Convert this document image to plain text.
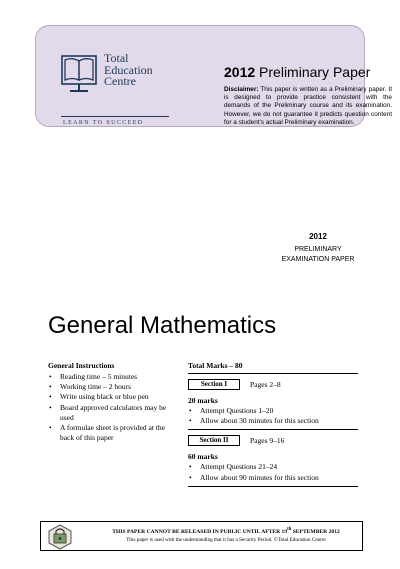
Total
Education
Centre
LEARN TO SUCCEED
2012 Preliminary Paper
Disclaimer: This paper is written as a Preliminary paper. It is designed to provide practice consistent with the demands of the Preliminary course and its examination. However, we do not guarantee it predicts question content for a student's actual Preliminary examination.
2012
PRELIMINARY
EXAMINATION PAPER
General Mathematics
General Instructions
• Reading time – 5 minutes
• Working time – 2 hours
• Write using black or blue pen
• Board approved calculators may be used
• A formulae sheet is provided at the back of this paper
Total Marks – 80
Section I	Pages 2–8
20 marks
• Attempt Questions 1–20
• Allow about 30 minutes for this section
Section II	Pages 9–16
60 marks
• Attempt Questions 21–24
• Allow about 90 minutes for this section
THIS PAPER CANNOT BE RELEASED IN PUBLIC UNTIL AFTER 19th SEPTEMBER 2012
This paper is used with the understanding that it has a Security Period. ©Total Education Centre
